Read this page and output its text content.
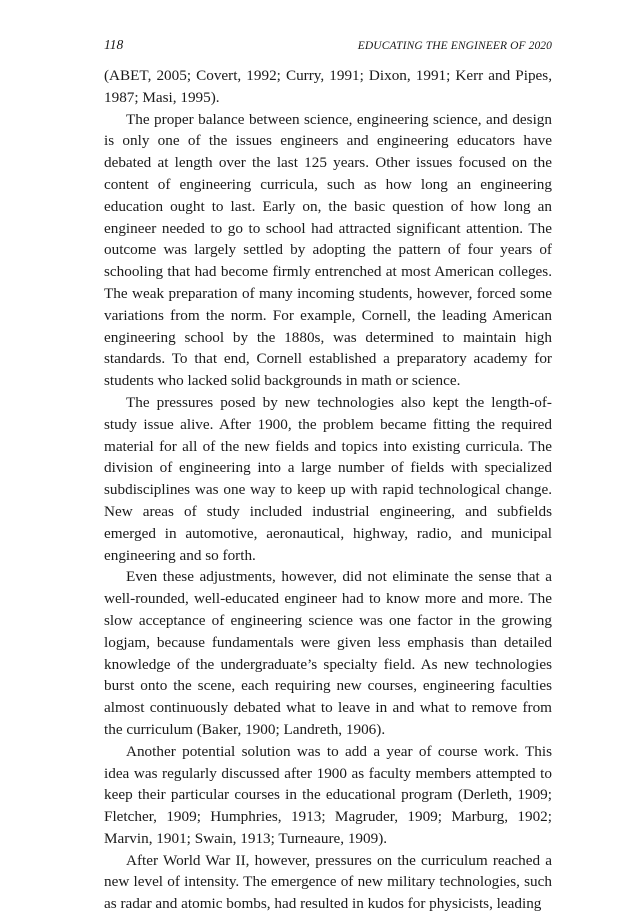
118	EDUCATING THE ENGINEER OF 2020

(ABET, 2005; Covert, 1992; Curry, 1991; Dixon, 1991; Kerr and Pipes, 1987; Masi, 1995).

The proper balance between science, engineering science, and design is only one of the issues engineers and engineering educators have debated at length over the last 125 years. Other issues focused on the content of engineering curricula, such as how long an engineering education ought to last. Early on, the basic question of how long an engineer needed to go to school had attracted significant attention. The outcome was largely settled by adopting the pattern of four years of schooling that had become firmly entrenched at most American colleges. The weak preparation of many incoming students, however, forced some variations from the norm. For example, Cornell, the leading American engineering school by the 1880s, was determined to maintain high standards. To that end, Cornell established a preparatory academy for students who lacked solid backgrounds in math or science.

The pressures posed by new technologies also kept the length-of-study issue alive. After 1900, the problem became fitting the required material for all of the new fields and topics into existing curricula. The division of engineering into a large number of fields with specialized subdisciplines was one way to keep up with rapid technological change. New areas of study included industrial engineering, and subfields emerged in automotive, aeronautical, highway, radio, and municipal engineering and so forth.

Even these adjustments, however, did not eliminate the sense that a well-rounded, well-educated engineer had to know more and more. The slow acceptance of engineering science was one factor in the growing logjam, because fundamentals were given less emphasis than detailed knowledge of the undergraduate’s specialty field. As new technologies burst onto the scene, each requiring new courses, engineering faculties almost continuously debated what to leave in and what to remove from the curriculum (Baker, 1900; Landreth, 1906).

Another potential solution was to add a year of course work. This idea was regularly discussed after 1900 as faculty members attempted to keep their particular courses in the educational program (Derleth, 1909; Fletcher, 1909; Humphries, 1913; Magruder, 1909; Marburg, 1902; Marvin, 1901; Swain, 1913; Turneaure, 1909).

After World War II, however, pressures on the curriculum reached a new level of intensity. The emergence of new military technologies, such as radar and atomic bombs, had resulted in kudos for physicists, leading
